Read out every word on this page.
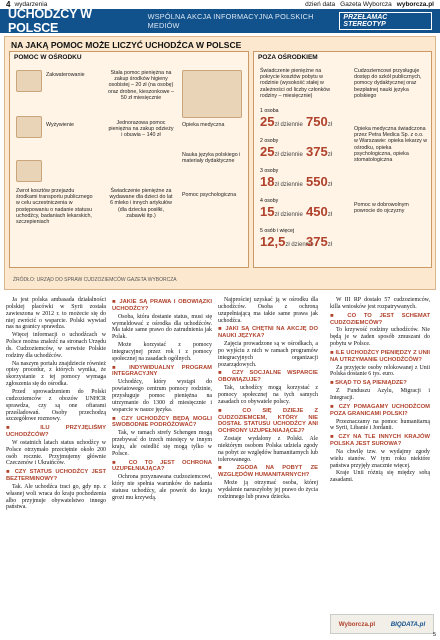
4 wydarzenia	dzień data Gazeta Wyborcza wyborcza.pl
UCHODŹCY W POLSCE
WSPÓLNA AKCJA INFORMACYJNA POLSKICH MEDIÓW
PRZEŁAMAĆ STEREOTYP
NA JAKĄ POMOC MOŻE LICZYĆ UCHODŹCA W POLSCE
POMOC W OŚRODKU
Zakwaterowanie	Stała pomoc pieniężna na zakup środków higieny osobistej – 20 zł (na osobę) oraz drobne, kieszonkowe – 50 zł miesięcznie
Wyżywienie	Jednorazowa pomoc pieniężna na zakup odzieży i obuwia – 140 zł
Zwrot kosztów przejazdu środkami transportu publicznego w celu uczestniczenia w postępowaniu o nadanie statusu uchodźcy, badaniach lekarskich, szczepieniach
Świadczenie pieniężne za wydawane dla dzieci do lat 6 mleko i innych artykułów (dla dziecka posiłki, zabawki itp.)
Opieka medyczna
Nauka języka polskiego i materiały dydaktyczne
Pomoc psychologiczna
POZA OŚRODKIEM
Świadczenie pieniężne na pokrycie kosztów pobytu w rodzinie (wysokość stałej w zależności od liczby członków rodziny – miesięcznie)
1 osoba
25zł dziennie 750zł
2 osoby
25zł dziennie 375zł
3 osoby
18zł dziennie 550zł
4 osoby
15zł dziennie 450zł
5 osób i więcej
12,5zł dziennie
375zł
Cudzoziemcowi przysługuje dostęp do szkół publicznych, pomocy dydaktycznej oraz bezpłatnej nauki języka polskiego
Opieka medyczna świadczona przez Petra Medica Sp. z o.o. w Warszawie: opieka lekarzy w ośrodku, opieka psychologiczna, opieka stomatologiczna
Pomoc w dobrowolnym powrocie do ojczyzny
ŹRÓDŁO: URZĄD DO SPRAW CUDZOZIEMCÓW GAZETA WYBORCZA

Ja jest polska ambasada działalności polskiej placówki w Syrii została zawieszona w 2012 r. to możecie się do niej zwrócić o wsparcie. Polski wywiad nas na granicy sprawdza.

Więcej informacji o uchodźcach w Polsce można znaleźć na stronach Urzędu ds. Cudzoziemców, w serwisie Polskie rodziny dla uchodźców.

Na naszym portalu znajdziecie również opisy procedur, z których wynika, że skorzystanie z tej pomocy wymaga zgłoszenia się do ośrodka.

Przed sprowadzeniem do Polski cudzoziemców z obozów UNHCR sprawdza, czy są one ofiarami prześladowań. Osoby przechodzą szczegółowe rozmowy.

■ ILU PRZYJĘLIŚMY UCHODŹCÓW?

W ostatnich latach status uchodźcy w Polsce otrzymało przeciętnie około 200 osób rocznie. Przyjmujemy głównie Czeczenów i Ukraińców.

■ CZY STATUS UCHODŹCY JEST BEZTERMINOWY?

Tak. Ale uchodźca traci go, gdy np. z własnej woli wraca do kraju pochodzenia albo przyjmuje obywatelstwo innego państwa.

■ JAKIE SĄ PRAWA I OBOWIĄZKI UCHODŹCY?

Osoba, która dostanie status, musi się wymeldować z ośrodka dla uchodźców. Ma takie same prawo do zatrudnienia jak Polak.

Może korzystać z pomocy integracyjnej przez rok i z pomocy społecznej na zasadach ogólnych.

■ INDYWIDUALNY PROGRAM INTEGRACYJNY

Uchodźcy, który wystąpi do powiatowego centrum pomocy rodzinie, przysługuje pomoc pieniężna na utrzymanie do 1300 zł miesięcznie i wsparcie w nauce języka.

■ CZY UCHODŹCY BĘDĄ MOGLI SWOBODNIE PODRÓŻOWAĆ?

Tak, w ramach strefy Schengen mogą przebywać do trzech miesięcy w innym kraju, ale osiedlić się mogą tylko w Polsce.

■ CO TO JEST OCHRONA UZUPEŁNIAJĄCA?

Ochrona przyznawana cudzoziemcowi, który nie spełnia warunków do nadania statusu uchodźcy, ale powrót do kraju grozi mu krzywdą.

Najprościej uzyskać ją w ośrodku dla uchodźców. Osoba z ochroną uzupełniającą ma takie same prawa jak uchodźca.

■ JAKI SĄ CHĘTNI NA AKCJĘ DO NAUKI JĘZYKA?

Zajęcia prowadzone są w ośrodkach, a po wyjściu z nich w ramach programów integracyjnych organizacji pozarządowych.

■ CZY SOCJALNE WSPARCIE OBOWIĄZUJE?

Tak, uchodźcy mogą korzystać z pomocy społecznej na tych samych zasadach co obywatele polscy.

■ CO SIĘ DZIEJE Z CUDZOZIEMCEM, KTÓRY NIE DOSTAŁ STATUSU UCHODŹCY ANI OCHRONY UZUPEŁNIAJĄCEJ?

Zostaje wydalony z Polski. Ale niektórym osobom Polska udziela zgody na pobyt ze względów humanitarnych lub tolerowanego.

■ ZGODA NA POBYT ZE WZGLĘDÓW HUMANITARNYCH?

Może ją otrzymać osoba, której wydalenie naruszyłoby jej prawo do życia rodzinnego lub prawa dziecka.

W III RP dostało 57 cudzoziemców, killa wniosków jest rozpatrywanych.

■ CO TO JEST SCHEMAT CUDZOZIEMCÓW?

To krzywość rodziny uchodźców. Nie będą je w żaden sposób zmuszani do pobytu w Polsce.

■ ILE UCHODŹCY PIENIĘDZY Z UNII NA UTRZYMANIE UCHODŹCÓW?

Za przyjęcie osoby relokowanej z Unii Polska dostanie 6 tys. euro.

■ SKĄD TO SĄ PIENIĄDZE?

Z Funduszu Azylu, Migracji i Integracji.

■ CZY POMAGAMY UCHODŹCOM POZA GRANICAMI POLSKI?

Przeznaczamy na pomoc humanitarną w Syrii, Libanie i Jordanii.

■ CZY NA TLE INNYCH KRAJÓW POLSKA JEST SUROWA?

Na chwilę tzw. w wydajmy zgody wielu stanów. W tym roku niektóre państwa przyjęły znacznie więcej.

Kraje Unii różnią się między sobą zasadami.

Wyborcza.pl	BIQDATA.pl
5
